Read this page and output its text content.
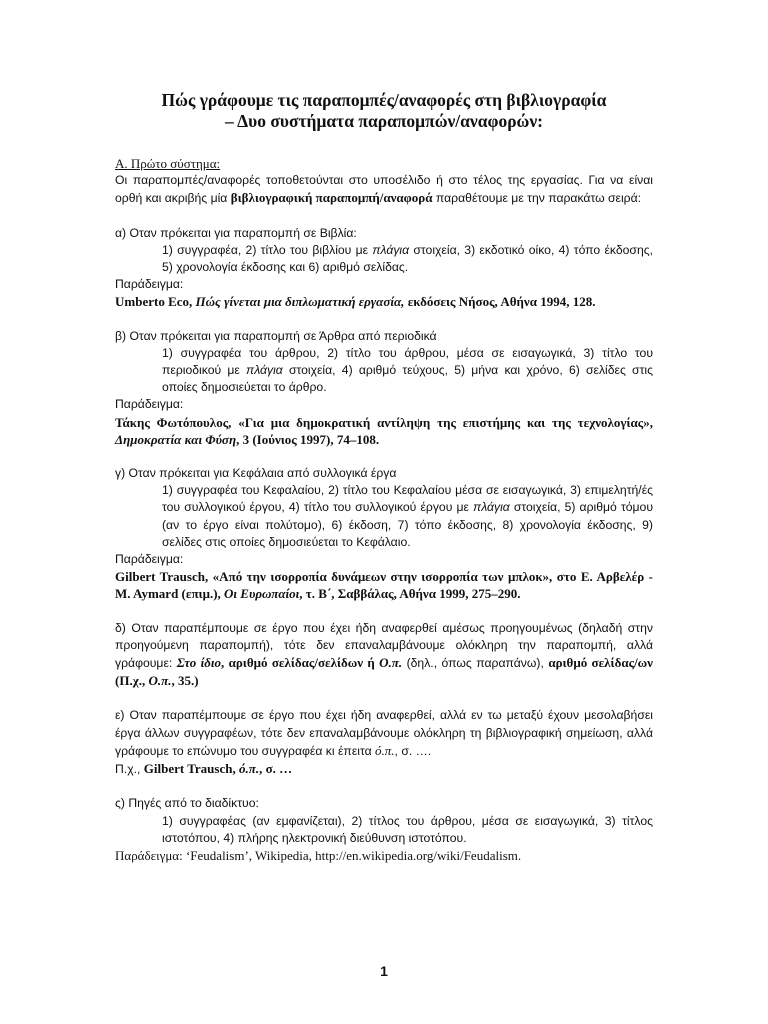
Πώς γράφουμε τις παραπομπές/αναφορές στη βιβλιογραφία
– Δυο συστήματα παραπομπών/αναφορών:

Α. Πρώτο σύστημα:

Οι παραπομπές/αναφορές τοποθετούνται στο υποσέλιδο ή στο τέλος της εργασίας. Για να είναι ορθή και ακριβής μία βιβλιογραφική παραπομπή/αναφορά παραθέτουμε με την παρακάτω σειρά:

α) Οταν πρόκειται για παραπομπή σε Βιβλία:

1) συγγραφέα, 2) τίτλο του βιβλίου με πλάγια στοιχεία, 3) εκδοτικό οίκο, 4) τόπο έκδοσης, 5) χρονολογία έκδοσης και 6) αριθμό σελίδας.

Παράδειγμα:

Umberto Eco, Πώς γίνεται μια διπλωματική εργασία, εκδόσεις Νήσος, Αθήνα 1994, 128.

β) Οταν πρόκειται για παραπομπή σε Άρθρα από περιοδικά

1) συγγραφέα του άρθρου, 2) τίτλο του άρθρου, μέσα σε εισαγωγικά, 3) τίτλο του περιοδικού με πλάγια στοιχεία, 4) αριθμό τεύχους, 5) μήνα και χρόνο, 6) σελίδες στις οποίες δημοσιεύεται το άρθρο.

Παράδειγμα:

Τάκης Φωτόπουλος, «Για μια δημοκρατική αντίληψη της επιστήμης και της τεχνολογίας», Δημοκρατία και Φύση, 3 (Ιούνιος 1997), 74–108.

γ) Οταν πρόκειται για Κεφάλαια από συλλογικά έργα

1) συγγραφέα του Κεφαλαίου, 2) τίτλο του Κεφαλαίου μέσα σε εισαγωγικά, 3) επιμελητή/ές του συλλογικού έργου, 4) τίτλο του συλλογικού έργου με πλάγια στοιχεία, 5) αριθμό τόμου (αν το έργο είναι πολύτομο), 6) έκδοση, 7) τόπο έκδοσης, 8) χρονολογία έκδοσης, 9) σελίδες στις οποίες δημοσιεύεται το Κεφάλαιο.

Παράδειγμα:

Gilbert Trausch, «Από την ισορροπία δυνάμεων στην ισορροπία των μπλοκ», στο Ε. Αρβελέρ - M. Aymard (επιμ.), Οι Ευρωπαίοι, τ. Β΄, Σαββάλας, Αθήνα 1999, 275–290.

δ) Οταν παραπέμπουμε σε έργο που έχει ήδη αναφερθεί αμέσως προηγουμένως (δηλαδή στην προηγούμενη παραπομπή), τότε δεν επαναλαμβάνουμε ολόκληρη την παραπομπή, αλλά γράφουμε: Στο ίδιο, αριθμό σελίδας/σελίδων ή Ο.π. (δηλ., όπως παραπάνω), αριθμό σελίδας/ων (Π.χ., Ο.π., 35.)

ε) Οταν παραπέμπουμε σε έργο που έχει ήδη αναφερθεί, αλλά εν τω μεταξύ έχουν μεσολαβήσει έργα άλλων συγγραφέων, τότε δεν επαναλαμβάνουμε ολόκληρη τη βιβλιογραφική σημείωση, αλλά γράφουμε το επώνυμο του συγγραφέα κι έπειτα ό.π., σ. ….

Π.χ., Gilbert Trausch, ό.π., σ. …

ς) Πηγές από το διαδίκτυο:

1) συγγραφέας (αν εμφανίζεται), 2) τίτλος του άρθρου, μέσα σε εισαγωγικά, 3) τίτλος ιστοτόπου, 4) πλήρης ηλεκτρονική διεύθυνση ιστοτόπου.

Παράδειγμα: ‘Feudalism’, Wikipedia, http://en.wikipedia.org/wiki/Feudalism.

1
